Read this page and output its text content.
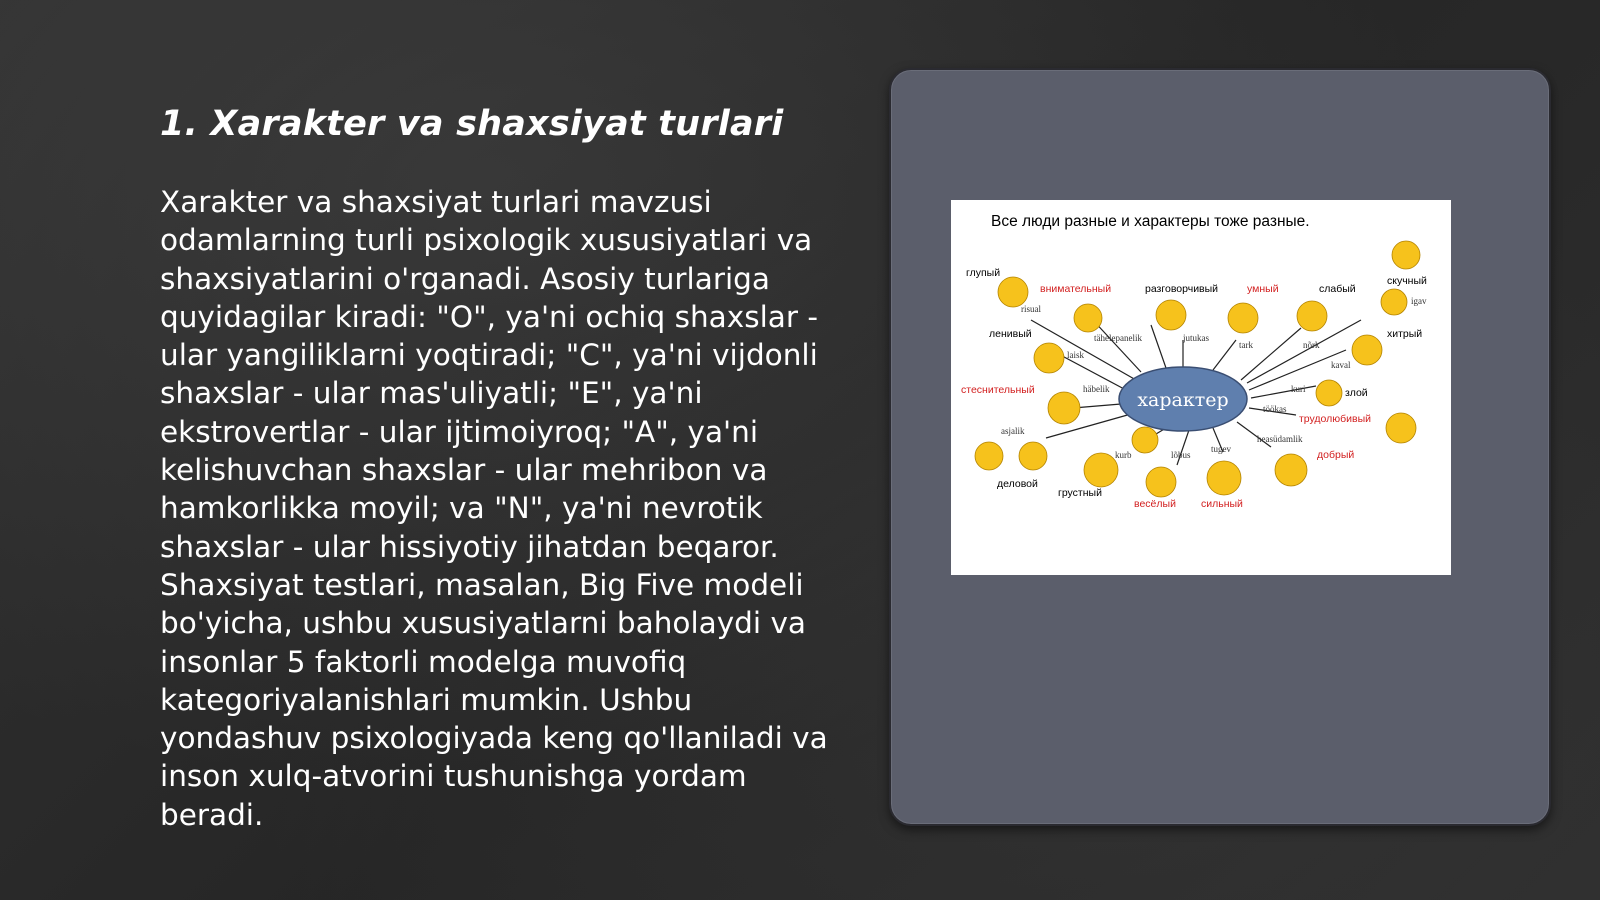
1. Xarakter va shaxsiyat turlari

Xarakter va shaxsiyat turlari mavzusi odamlarning turli psixologik xususiyatlari va shaxsiyatlarini o'rganadi. Asosiy turlariga quyidagilar kiradi: "O", ya'ni ochiq shaxslar - ular yangiliklarni yoqtiradi; "C", ya'ni vijdonli shaxslar - ular mas'uliyatli; "E", ya'ni ekstrovertlar - ular ijtimoiyroq; "A", ya'ni kelishuvchan shaxslar - ular mehribon va hamkorlikka moyil; va "N", ya'ni nevrotik shaxslar - ular hissiyotiy jihatdan beqaror. Shaxsiyat testlari, masalan, Big Five modeli bo'yicha, ushbu xususiyatlarni baholaydi va insonlar 5 faktorli modelga muvofiq kategoriyalanishlari mumkin. Ushbu yondashuv psixologiyada keng qo'llaniladi va inson xulq-atvorini tushunishga yordam beradi.

характер
Все люди разные и характеры тоже разные.
глупый
разговорчивый	слабый
скучный
ленивый	хитрый
злой
деловой
грустный
внимательный	умный
стеснительный
трудолюбивый
добрый
весёлый сильный
risual
tähelepanelik	jutukas
tark	nõrk
igav
laisk
kaval
häbelik	kuri
töökas
asjalik
kurb	lõbus
tugev
heasüdamlik
